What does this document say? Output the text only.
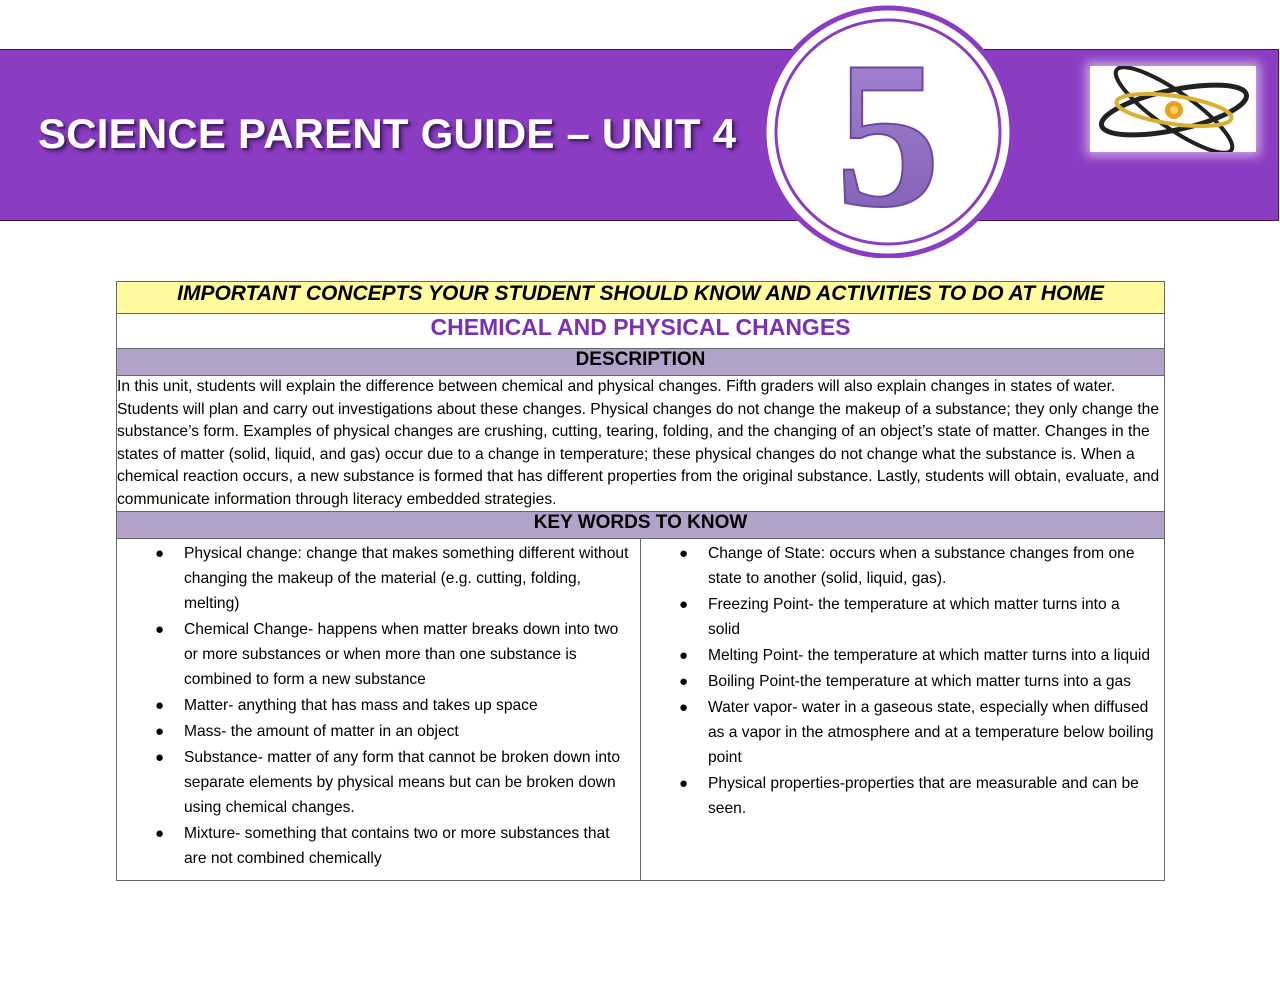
SCIENCE PARENT GUIDE – UNIT 4 5
IMPORTANT CONCEPTS YOUR STUDENT SHOULD KNOW AND ACTIVITIES TO DO AT HOME
CHEMICAL AND PHYSICAL CHANGES
DESCRIPTION
In this unit, students will explain the difference between chemical and physical changes. Fifth graders will also explain changes in states of water. Students will plan and carry out investigations about these changes. Physical changes do not change the makeup of a substance; they only change the substance’s form. Examples of physical changes are crushing, cutting, tearing, folding, and the changing of an object’s state of matter. Changes in the states of matter (solid, liquid, and gas) occur due to a change in temperature; these physical changes do not change what the substance is. When a chemical reaction occurs, a new substance is formed that has different properties from the original substance. Lastly, students will obtain, evaluate, and communicate information through literacy embedded strategies.
KEY WORDS TO KNOW

● Physical change: change that makes something different without changing the makeup of the material (e.g. cutting, folding, melting)
● Chemical Change- happens when matter breaks down into two or more substances or when more than one substance is combined to form a new substance
● Matter- anything that has mass and takes up space
● Mass- the amount of matter in an object
● Substance- matter of any form that cannot be broken down into separate elements by physical means but can be broken down using chemical changes.
● Mixture- something that contains two or more substances that are not combined chemically

● Change of State: occurs when a substance changes from one state to another (solid, liquid, gas).
● Freezing Point- the temperature at which matter turns into a solid
● Melting Point- the temperature at which matter turns into a liquid
● Boiling Point-the temperature at which matter turns into a gas
● Water vapor- water in a gaseous state, especially when diffused as a vapor in the atmosphere and at a temperature below boiling point
● Physical properties-properties that are measurable and can be seen.
